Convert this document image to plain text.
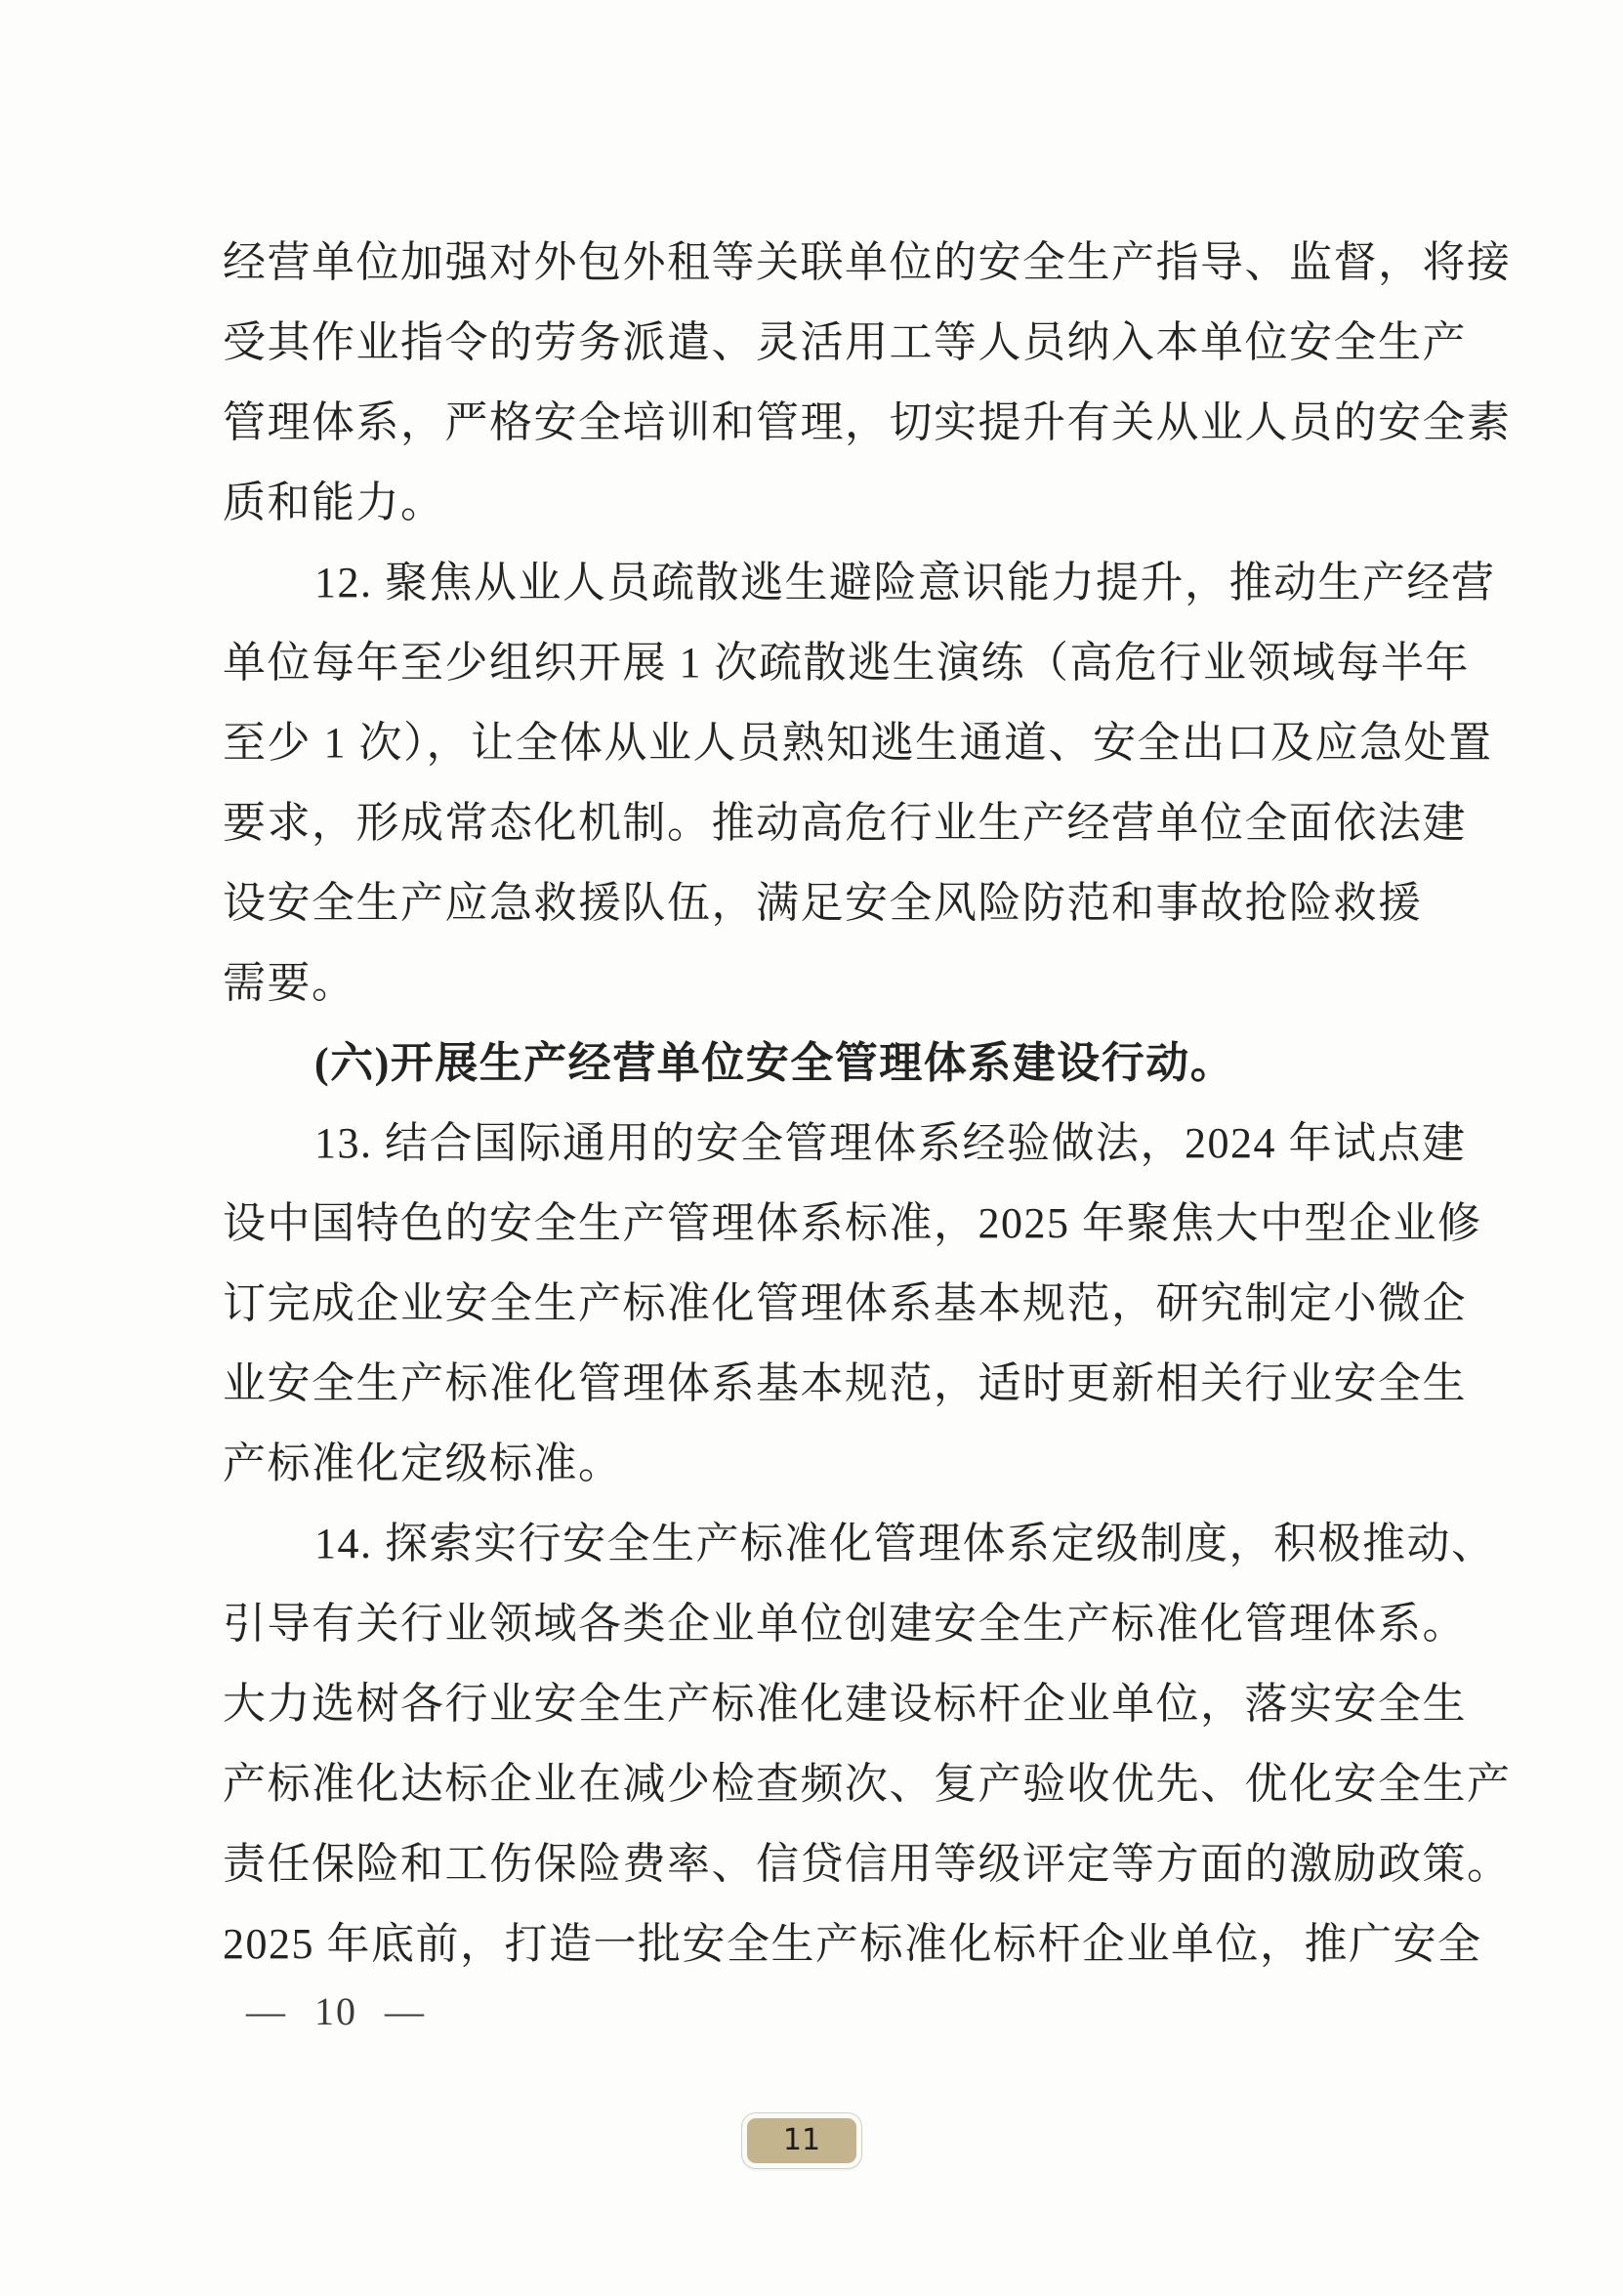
经营单位加强对外包外租等关联单位的安全生产指导、监督，将接
受其作业指令的劳务派遣、灵活用工等人员纳入本单位安全生产
管理体系，严格安全培训和管理，切实提升有关从业人员的安全素
质和能力。
12. 聚焦从业人员疏散逃生避险意识能力提升，推动生产经营
单位每年至少组织开展 1 次疏散逃生演练（高危行业领域每半年
至少 1 次），让全体从业人员熟知逃生通道、安全出口及应急处置
要求，形成常态化机制。推动高危行业生产经营单位全面依法建
设安全生产应急救援队伍，满足安全风险防范和事故抢险救援
需要。
(六)开展生产经营单位安全管理体系建设行动。
13. 结合国际通用的安全管理体系经验做法，2024 年试点建
设中国特色的安全生产管理体系标准，2025 年聚焦大中型企业修
订完成企业安全生产标准化管理体系基本规范，研究制定小微企
业安全生产标准化管理体系基本规范，适时更新相关行业安全生
产标准化定级标准。
14. 探索实行安全生产标准化管理体系定级制度，积极推动、
引导有关行业领域各类企业单位创建安全生产标准化管理体系。
大力选树各行业安全生产标准化建设标杆企业单位，落实安全生
产标准化达标企业在减少检查频次、复产验收优先、优化安全生产
责任保险和工伤保险费率、信贷信用等级评定等方面的激励政策。
2025 年底前，打造一批安全生产标准化标杆企业单位，推广安全
— 10 —
11
